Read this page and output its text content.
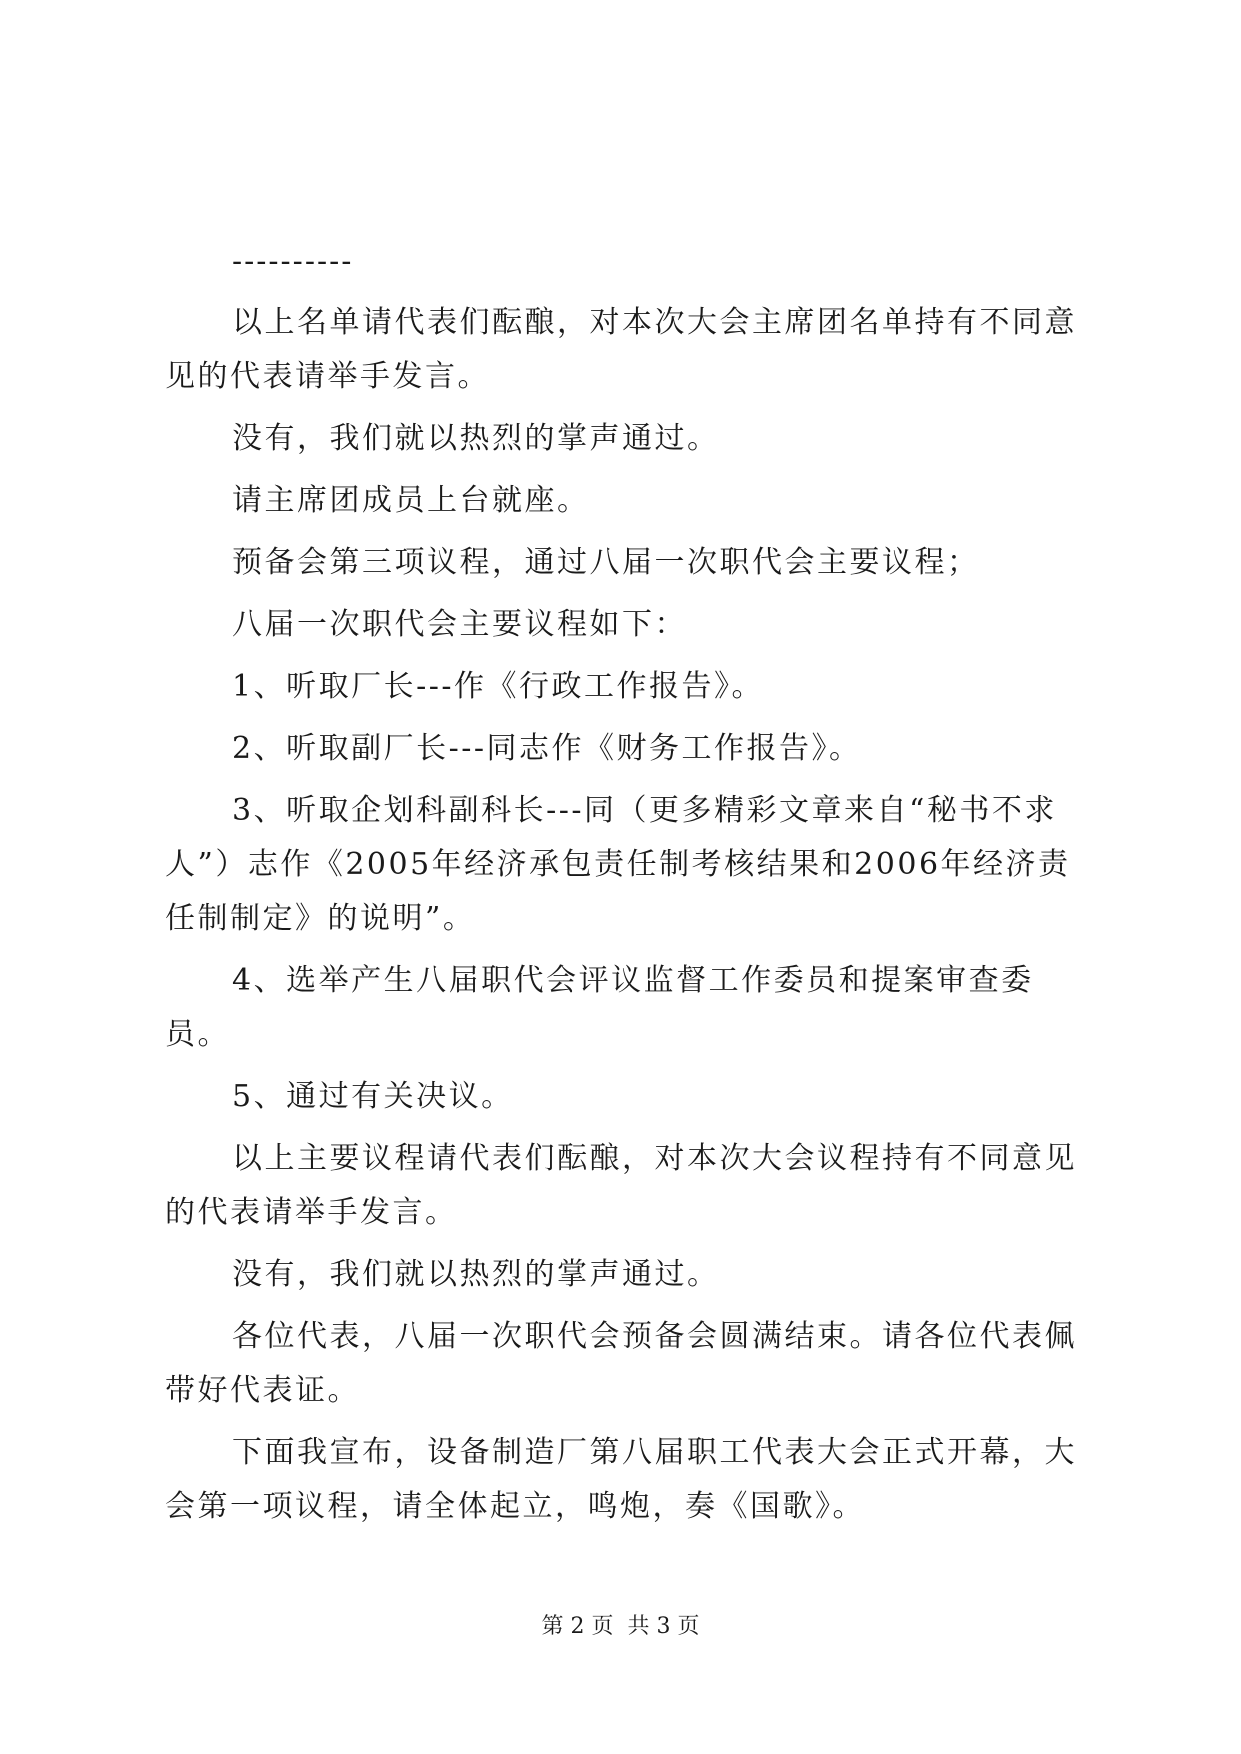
----------

以上名单请代表们酝酿，对本次大会主席团名单持有不同意见的代表请举手发言。

没有，我们就以热烈的掌声通过。

请主席团成员上台就座。

预备会第三项议程，通过八届一次职代会主要议程；

八届一次职代会主要议程如下：

1、听取厂长---作《行政工作报告》。

2、听取副厂长---同志作《财务工作报告》。

3、听取企划科副科长---同（更多精彩文章来自“秘书不求人”）志作《2005年经济承包责任制考核结果和2006年经济责任制制定》的说明”。

4、选举产生八届职代会评议监督工作委员和提案审查委员。

5、通过有关决议。

以上主要议程请代表们酝酿，对本次大会议程持有不同意见的代表请举手发言。

没有，我们就以热烈的掌声通过。

各位代表，八届一次职代会预备会圆满结束。请各位代表佩带好代表证。

下面我宣布，设备制造厂第八届职工代表大会正式开幕，大会第一项议程，请全体起立，鸣炮，奏《国歌》。

第 2 页  共 3 页
